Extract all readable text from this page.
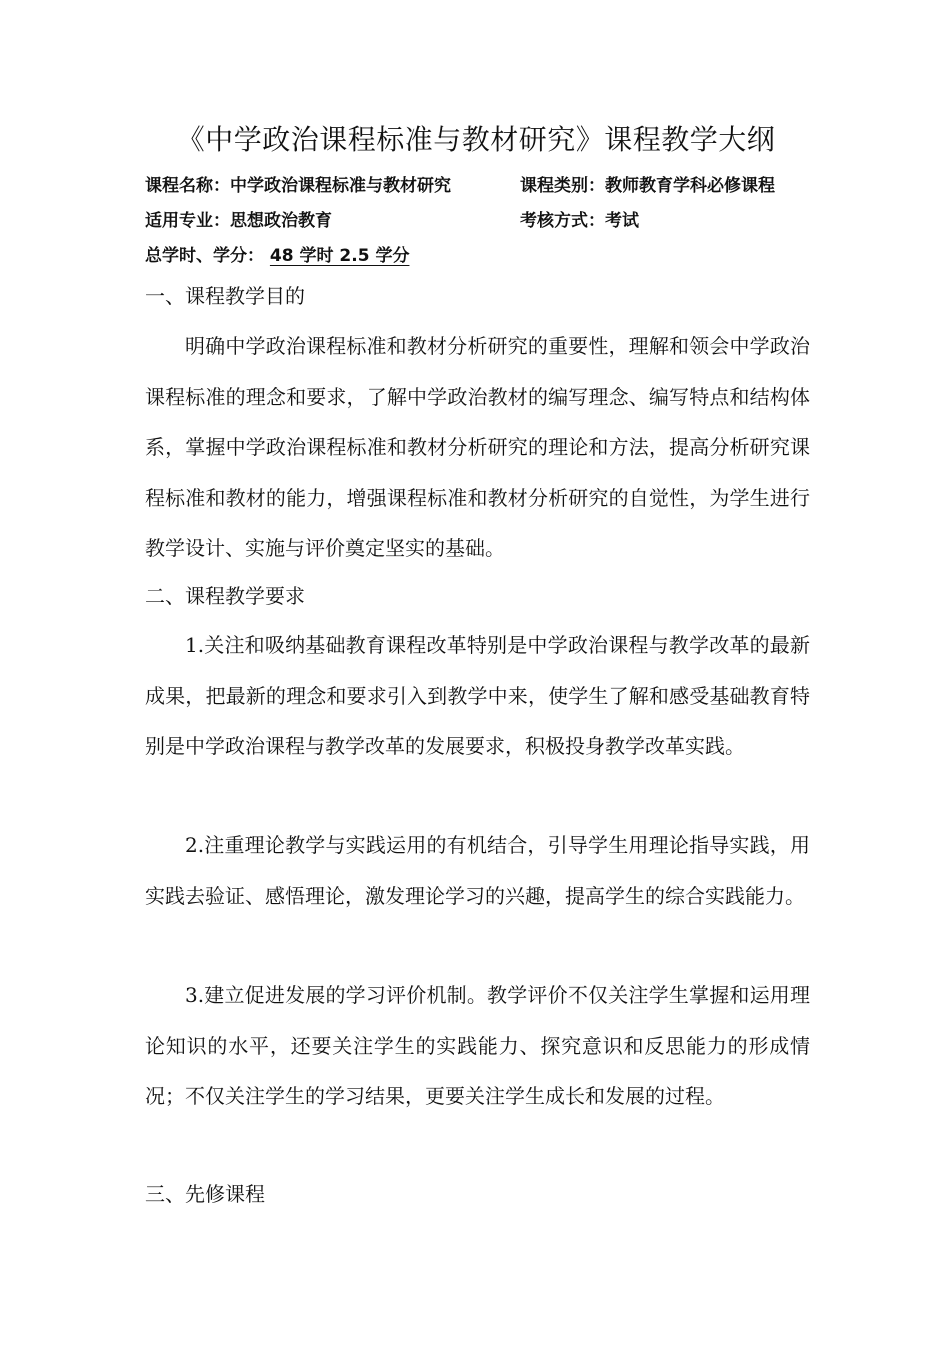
《中学政治课程标准与教材研究》课程教学大纲
课程名称：中学政治课程标准与教材研究	课程类别：教师教育学科必修课程
适用专业：思想政治教育	考核方式：考试
总学时、学分： 48 学时 2.5 学分
一、课程教学目的

明确中学政治课程标准和教材分析研究的重要性，理解和领会中学政治课程标准的理念和要求，了解中学政治教材的编写理念、编写特点和结构体系，掌握中学政治课程标准和教材分析研究的理论和方法，提高分析研究课程标准和教材的能力，增强课程标准和教材分析研究的自觉性，为学生进行教学设计、实施与评价奠定坚实的基础。

二、课程教学要求

1.关注和吸纳基础教育课程改革特别是中学政治课程与教学改革的最新成果，把最新的理念和要求引入到教学中来，使学生了解和感受基础教育特别是中学政治课程与教学改革的发展要求，积极投身教学改革实践。

2.注重理论教学与实践运用的有机结合，引导学生用理论指导实践，用实践去验证、感悟理论，激发理论学习的兴趣，提高学生的综合实践能力。

3.建立促进发展的学习评价机制。教学评价不仅关注学生掌握和运用理论知识的水平，还要关注学生的实践能力、探究意识和反思能力的形成情况；不仅关注学生的学习结果，更要关注学生成长和发展的过程。

三、先修课程
